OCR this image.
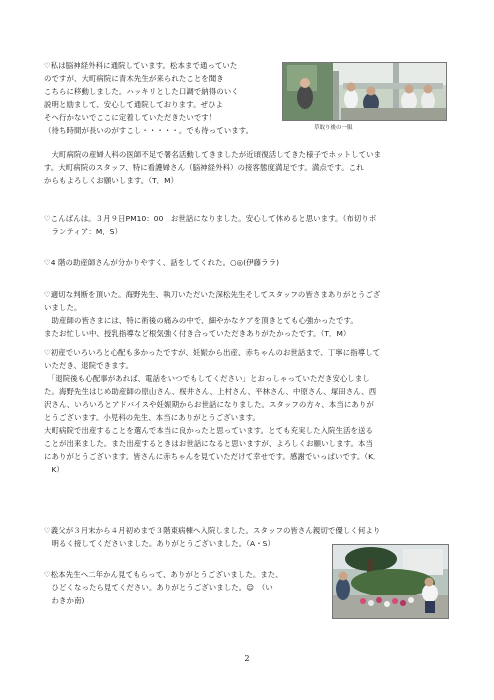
♡私は脳神経外科に通院しています。松本まで通っていた

のですが、大町病院に青木先生が来られたことを聞き

こちらに移動しました。ハッキリとした口調で納得のいく

説明と励まして、安心して通院しております。ぜひよ

そへ行かないでここに定着していただきたいです！

（待ち時間が長いのがすこし・・・・・。でも待っています。	草取り後の一服

　大町病院の産婦人科の医師不足で署名活動してきましたが近頃復活してきた様子でホットしていま

す。大町病院のスタッフ、特に看護婦さん（脳神経外科）の接客態度満足です。満点です。これ

からもよろしくお願いします。（T．M）

♡こんばんは。３月９日PM10：00　お世話になりました。安心して休めると思います。（布切りボ

　ランティア：M．S）

♡4 階の助産師さんが分かりやすく、話をしてくれた。○◎(伊藤ララ)

♡適切な判断を頂いた。海野先生、執刀いただいた深松先生そしてスタッフの皆さまありがとうござ

いました。

　助産師の皆さまには、特に術後の痛みの中で、細やかなケアを頂きとても心強かったです。

またお忙しい中、授乳指導など根気強く付き合っていただきありがたかったです。（T．M）

♡初産でいろいろと心配も多かったですが、妊娠から出産、赤ちゃんのお世話まで、丁寧に指導して

いただき、退院できます。

　「退院後も心配事があれば、電話をいつでもしてください」とおっしゃっていただき安心しまし

た。海野先生はじめ助産師の原山さん、桜井さん、上村さん、平林さん、中原さん、塚田さん、西

沢さん、いろいろとアドバイスや妊娠期からお世話になりました。スタッフの方々、本当にありが

とうございます。小児科の先生、本当にありがとうございます。

大町病院で出産することを選んで本当に良かったと思っています。とても充実した入院生活を送る

ことが出来ました。また出産するときはお世話になると思いますが、よろしくお願いします。本当

にありがとうございます。皆さんに赤ちゃんを見ていただけて幸せです。感謝でいっぱいです。（K．

　K）

♡義父が３月末から４月初めまで３階東病棟へ入院しました。スタッフの皆さん親切で優しく何より

　明るく接してくださいました。ありがとうございました。（A・S）

♡松本先生へ二年かん見てもらって、ありがとうございました。また、

　ひどくなったら見てください。ありがとうございました。☺　（い

　わきか南)

2
